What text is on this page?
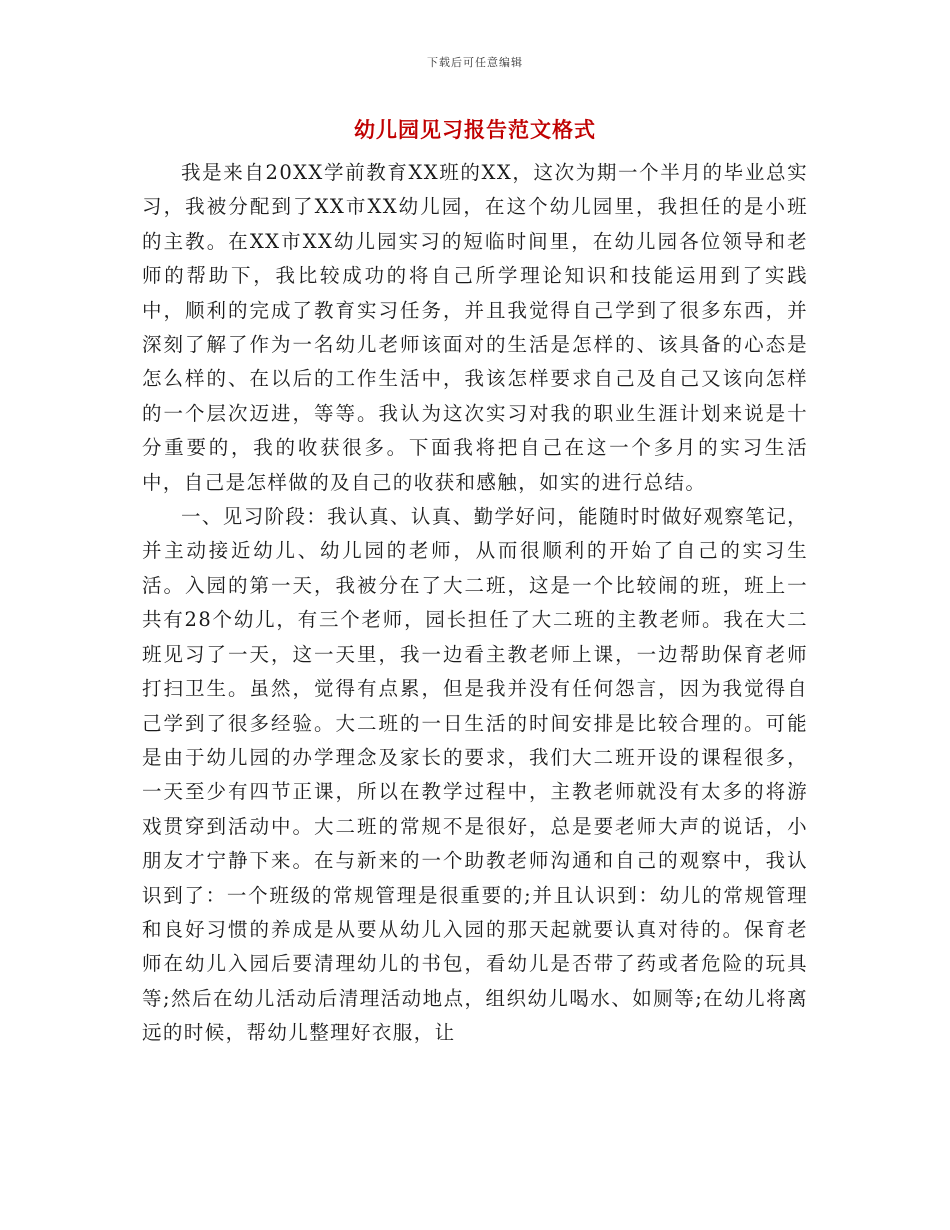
下载后可任意编辑
幼儿园见习报告范文格式

我是来自20XX学前教育XX班的XX，这次为期一个半月的毕业总实习，我被分配到了XX市XX幼儿园，在这个幼儿园里，我担任的是小班的主教。在XX市XX幼儿园实习的短临时间里，在幼儿园各位领导和老师的帮助下，我比较成功的将自己所学理论知识和技能运用到了实践中，顺利的完成了教育实习任务，并且我觉得自己学到了很多东西，并深刻了解了作为一名幼儿老师该面对的生活是怎样的、该具备的心态是怎么样的、在以后的工作生活中，我该怎样要求自己及自己又该向怎样的一个层次迈进，等等。我认为这次实习对我的职业生涯计划来说是十分重要的，我的收获很多。下面我将把自己在这一个多月的实习生活中，自己是怎样做的及自己的收获和感触，如实的进行总结。

一、见习阶段：我认真、认真、勤学好问，能随时时做好观察笔记，并主动接近幼儿、幼儿园的老师，从而很顺利的开始了自己的实习生活。入园的第一天，我被分在了大二班，这是一个比较闹的班，班上一共有28个幼儿，有三个老师，园长担任了大二班的主教老师。我在大二班见习了一天，这一天里，我一边看主教老师上课，一边帮助保育老师打扫卫生。虽然，觉得有点累，但是我并没有任何怨言，因为我觉得自己学到了很多经验。大二班的一日生活的时间安排是比较合理的。可能是由于幼儿园的办学理念及家长的要求，我们大二班开设的课程很多，一天至少有四节正课，所以在教学过程中，主教老师就没有太多的将游戏贯穿到活动中。大二班的常规不是很好，总是要老师大声的说话，小朋友才宁静下来。在与新来的一个助教老师沟通和自己的观察中，我认识到了：一个班级的常规管理是很重要的;并且认识到：幼儿的常规管理和良好习惯的养成是从要从幼儿入园的那天起就要认真对待的。保育老师在幼儿入园后要清理幼儿的书包，看幼儿是否带了药或者危险的玩具等;然后在幼儿活动后清理活动地点，组织幼儿喝水、如厕等;在幼儿将离远的时候，帮幼儿整理好衣服，让
